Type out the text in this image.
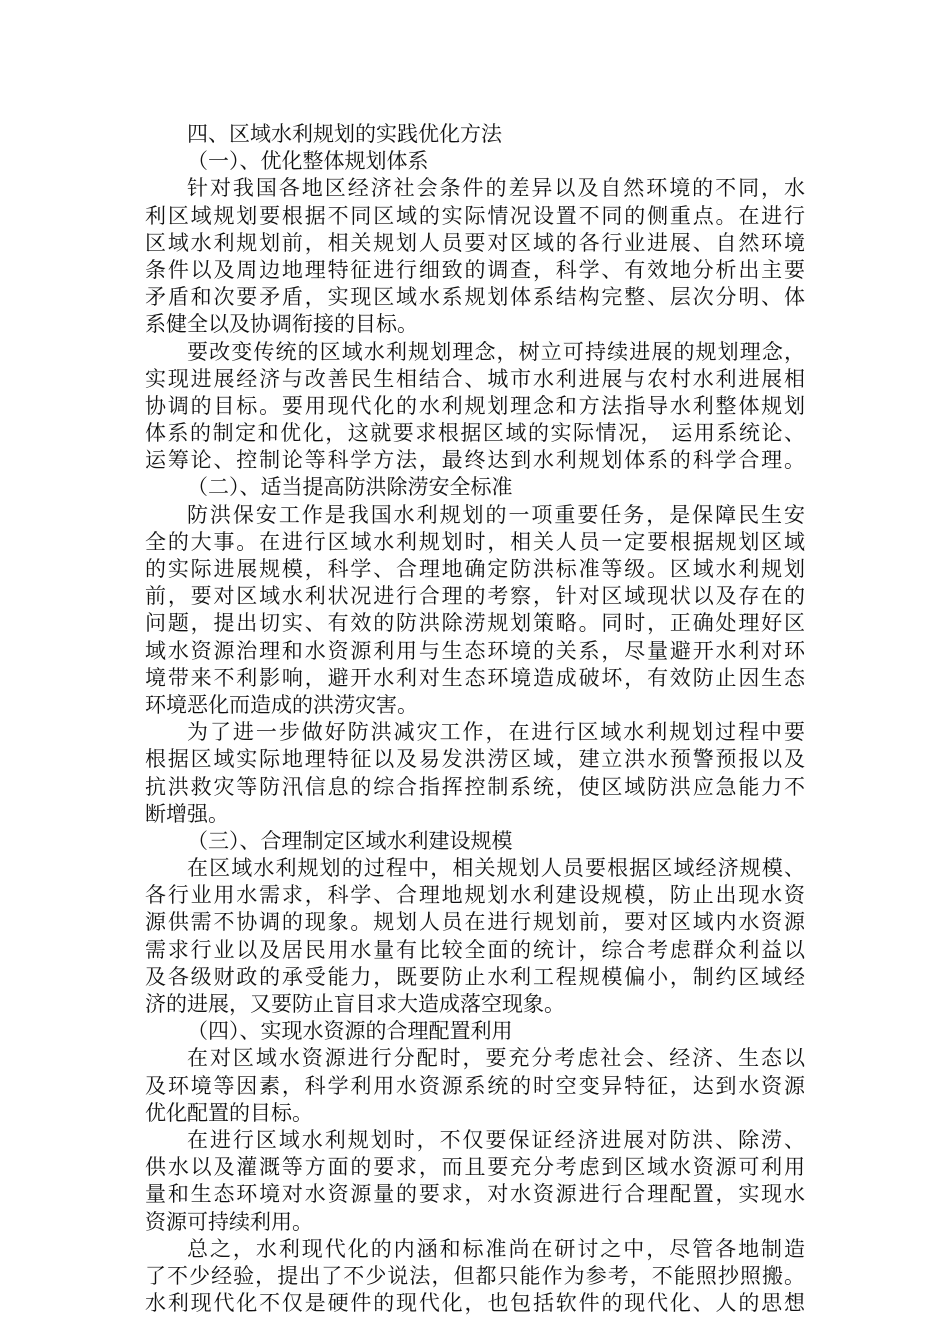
四、区域水利规划的实践优化方法
（一）、优化整体规划体系
针对我国各地区经济社会条件的差异以及自然环境的不同，水
利区域规划要根据不同区域的实际情况设置不同的侧重点。在进行
区域水利规划前，相关规划人员要对区域的各行业进展、自然环境
条件以及周边地理特征进行细致的调查，科学、有效地分析出主要
矛盾和次要矛盾，实现区域水系规划体系结构完整、层次分明、体
系健全以及协调衔接的目标。
要改变传统的区域水利规划理念，树立可持续进展的规划理念，
实现进展经济与改善民生相结合、城市水利进展与农村水利进展相
协调的目标。要用现代化的水利规划理念和方法指导水利整体规划
体系的制定和优化，这就要求根据区域的实际情况， 运用系统论、
运筹论、控制论等科学方法，最终达到水利规划体系的科学合理。
（二）、适当提高防洪除涝安全标准
防洪保安工作是我国水利规划的一项重要任务，是保障民生安
全的大事。在进行区域水利规划时，相关人员一定要根据规划区域
的实际进展规模，科学、合理地确定防洪标准等级。区域水利规划
前，要对区域水利状况进行合理的考察，针对区域现状以及存在的
问题，提出切实、有效的防洪除涝规划策略。同时，正确处理好区
域水资源治理和水资源利用与生态环境的关系，尽量避开水利对环
境带来不利影响，避开水利对生态环境造成破坏，有效防止因生态
环境恶化而造成的洪涝灾害。
为了进一步做好防洪减灾工作，在进行区域水利规划过程中要
根据区域实际地理特征以及易发洪涝区域，建立洪水预警预报以及
抗洪救灾等防汛信息的综合指挥控制系统，使区域防洪应急能力不
断增强。
（三）、合理制定区域水利建设规模
在区域水利规划的过程中，相关规划人员要根据区域经济规模、
各行业用水需求，科学、合理地规划水利建设规模，防止出现水资
源供需不协调的现象。规划人员在进行规划前，要对区域内水资源
需求行业以及居民用水量有比较全面的统计，综合考虑群众利益以
及各级财政的承受能力，既要防止水利工程规模偏小，制约区域经
济的进展，又要防止盲目求大造成落空现象。
（四）、实现水资源的合理配置利用
在对区域水资源进行分配时，要充分考虑社会、经济、生态以
及环境等因素，科学利用水资源系统的时空变异特征，达到水资源
优化配置的目标。
在进行区域水利规划时，不仅要保证经济进展对防洪、除涝、
供水以及灌溉等方面的要求，而且要充分考虑到区域水资源可利用
量和生态环境对水资源量的要求，对水资源进行合理配置，实现水
资源可持续利用。
总之，水利现代化的内涵和标准尚在研讨之中，尽管各地制造
了不少经验，提出了不少说法，但都只能作为参考，不能照抄照搬。
水利现代化不仅是硬件的现代化，也包括软件的现代化、人的思想
